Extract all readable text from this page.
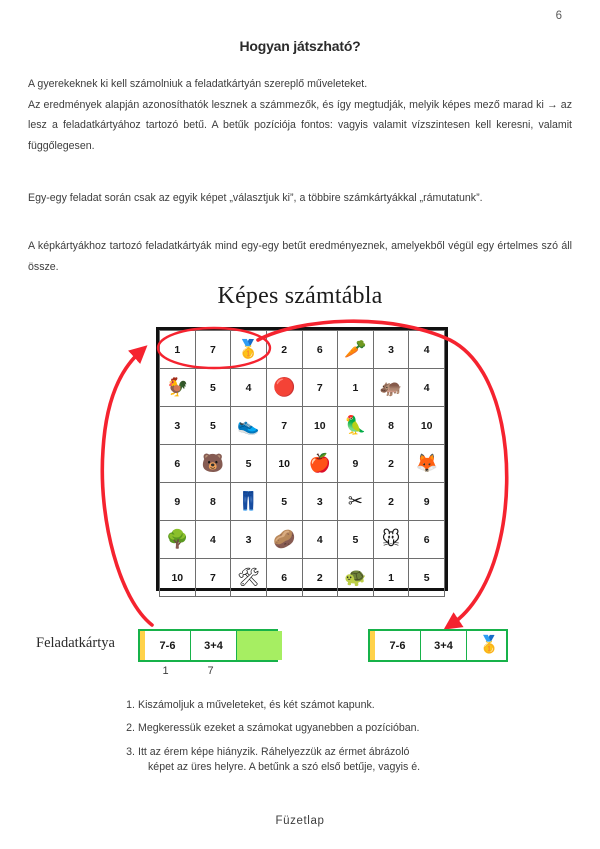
6
Hogyan játszható?

A gyerekeknek ki kell számolniuk a feladatkártyán szereplő műveleteket.

Az eredmények alapján azonosíthatók lesznek a számmezők, és így megtudják, melyik képes mező marad ki → az lesz a feladatkártyához tartozó betű. A betűk pozíciója fontos: vagyis valamit vízszintesen kell keresni, valamit függőlegesen.

Egy-egy feladat során csak az egyik képet „választjuk ki”, a többire számkártyákkal „rámutatunk”.

A képkártyákhoz tartozó feladatkártyák mind egy-egy betűt eredményeznek, amelyekből végül egy értelmes szó áll össze.

Képes számtábla
1	7	🥇	2	6	🥕	3	4
🐓	5	4	🔴	7	1	🦛	4
3	5	👟	7	10	🦜	8	10
6	🐻	5	10	🍎	9	2	🦊
9	8	👖	5	3	✂	2	9
🌳	4	3	🥔	4	5	🐭	6
10	7	🛠	6	2	🐢	1	5
Feladatkártya	7-6	3+4
1	7
7-6	3+4	🥇
1. Kiszámoljuk a műveleteket, és két számot kapunk.
2. Megkeressük ezeket a számokat ugyanebben a pozícióban.
3. Itt az érem képe hiányzik. Ráhelyezzük az érmet ábrázoló
képet az üres helyre. A betűnk a szó első betűje, vagyis é.
Füzetlap
